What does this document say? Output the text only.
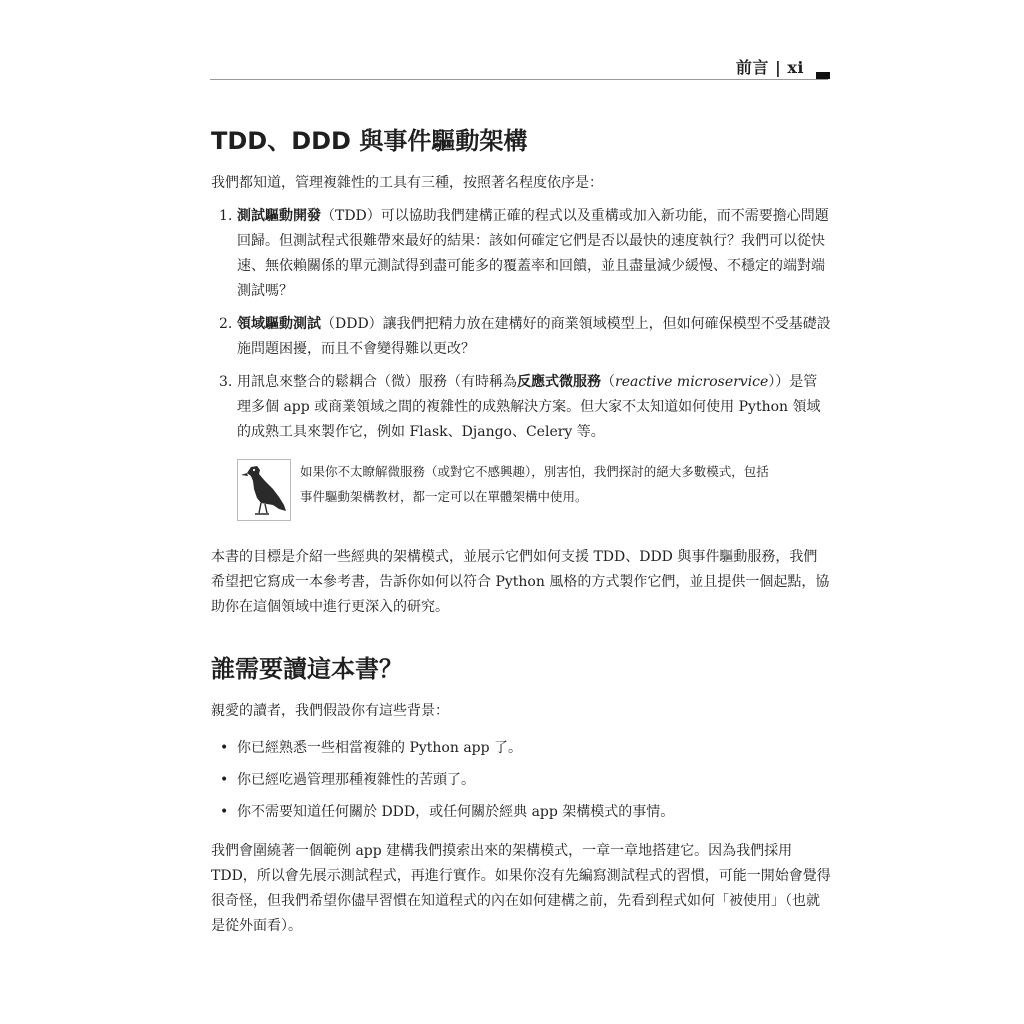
前言 | xi
TDD、DDD 與事件驅動架構

我們都知道，管理複雜性的工具有三種，按照著名程度依序是：

1. 測試驅動開發（TDD）可以協助我們建構正確的程式以及重構或加入新功能，而不需要擔心問題回歸。但測試程式很難帶來最好的結果：該如何確定它們是否以最快的速度執行？我們可以從快速、無依賴關係的單元測試得到盡可能多的覆蓋率和回饋，並且盡量減少緩慢、不穩定的端對端測試嗎？
2. 領域驅動測試（DDD）讓我們把精力放在建構好的商業領域模型上，但如何確保模型不受基礎設施問題困擾，而且不會變得難以更改？
3. 用訊息來整合的鬆耦合（微）服務（有時稱為反應式微服務（reactive microservice））是管理多個 app 或商業領域之間的複雜性的成熟解決方案。但大家不太知道如何使用 Python 領域的成熟工具來製作它，例如 Flask、Django、Celery 等。
如果你不太瞭解微服務（或對它不感興趣），別害怕，我們探討的絕大多數模式，包括事件驅動架構教材，都一定可以在單體架構中使用。

本書的目標是介紹一些經典的架構模式，並展示它們如何支援 TDD、DDD 與事件驅動服務，我們希望把它寫成一本參考書，告訴你如何以符合 Python 風格的方式製作它們，並且提供一個起點，協助你在這個領域中進行更深入的研究。

誰需要讀這本書？

親愛的讀者，我們假設你有這些背景：

• 你已經熟悉一些相當複雜的 Python app 了。
• 你已經吃過管理那種複雜性的苦頭了。
• 你不需要知道任何關於 DDD，或任何關於經典 app 架構模式的事情。

我們會圍繞著一個範例 app 建構我們摸索出來的架構模式，一章一章地搭建它。因為我們採用 TDD，所以會先展示測試程式，再進行實作。如果你沒有先編寫測試程式的習慣，可能一開始會覺得很奇怪，但我們希望你儘早習慣在知道程式的內在如何建構之前，先看到程式如何「被使用」（也就是從外面看）。
